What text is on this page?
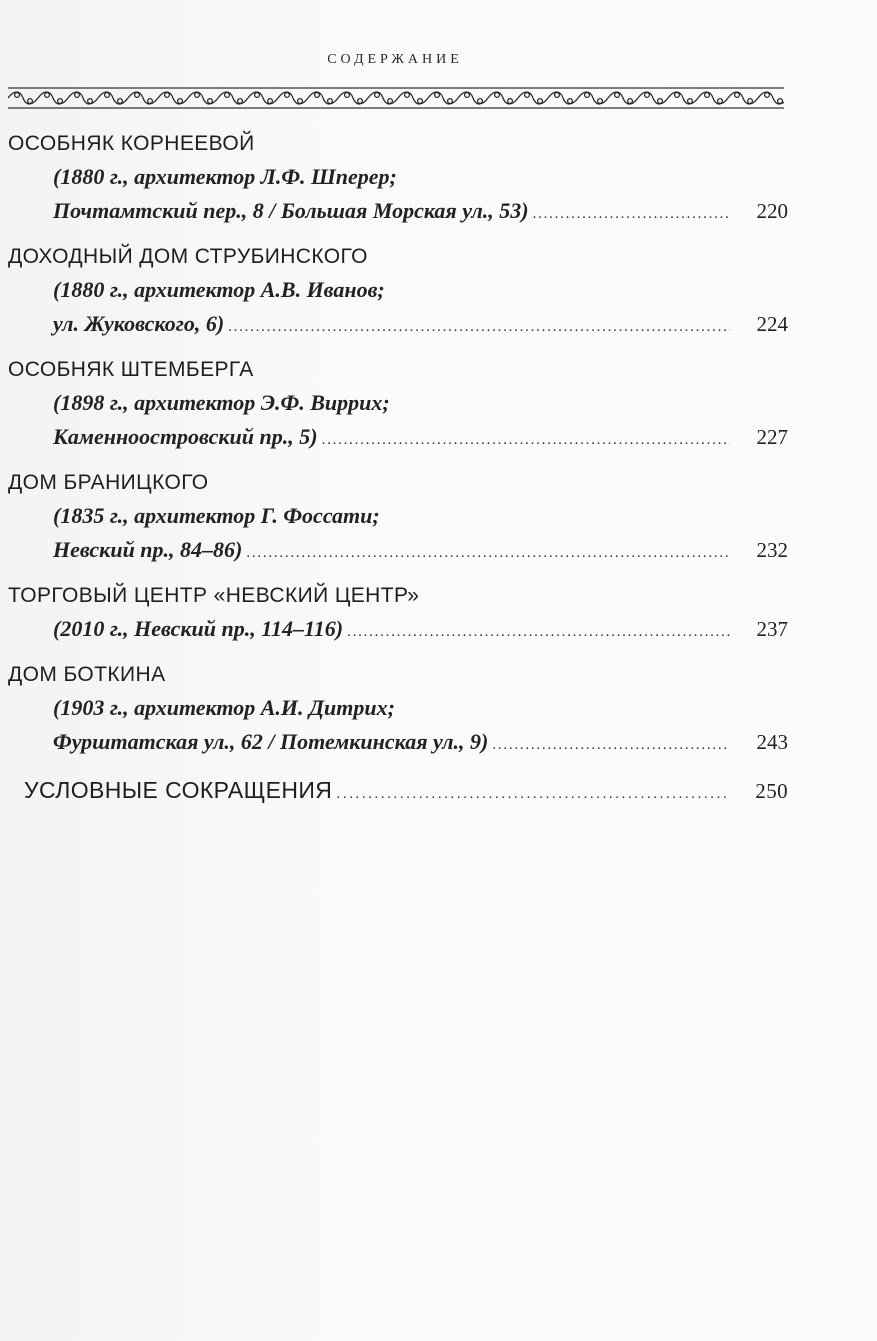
СОДЕРЖАНИЕ
ОСОБНЯК КОРНЕЕВОЙ
(1880 г., архитектор Л.Ф. Шперер;
Почтамтский пер., 8 / Большая Морская ул., 53) . . .	220
ДОХОДНЫЙ ДОМ СТРУБИНСКОГО
(1880 г., архитектор А.В. Иванов;
ул. Жуковского, 6) . . .	224
ОСОБНЯК ШТЕМБЕРГА
(1898 г., архитектор Э.Ф. Виррих;
Каменноостровский пр., 5) . . .	227
ДОМ БРАНИЦКОГО
(1835 г., архитектор Г. Фоссати;
Невский пр., 84–86) . . .	232
ТОРГОВЫЙ ЦЕНТР «НЕВСКИЙ ЦЕНТР»
(2010 г., Невский пр., 114–116) . . .	237
ДОМ БОТКИНА
(1903 г., архитектор А.И. Дитрих;
Фурштатская ул., 62 / Потемкинская ул., 9) . . .	243
УСЛОВНЫЕ СОКРАЩЕНИЯ . . .	250
